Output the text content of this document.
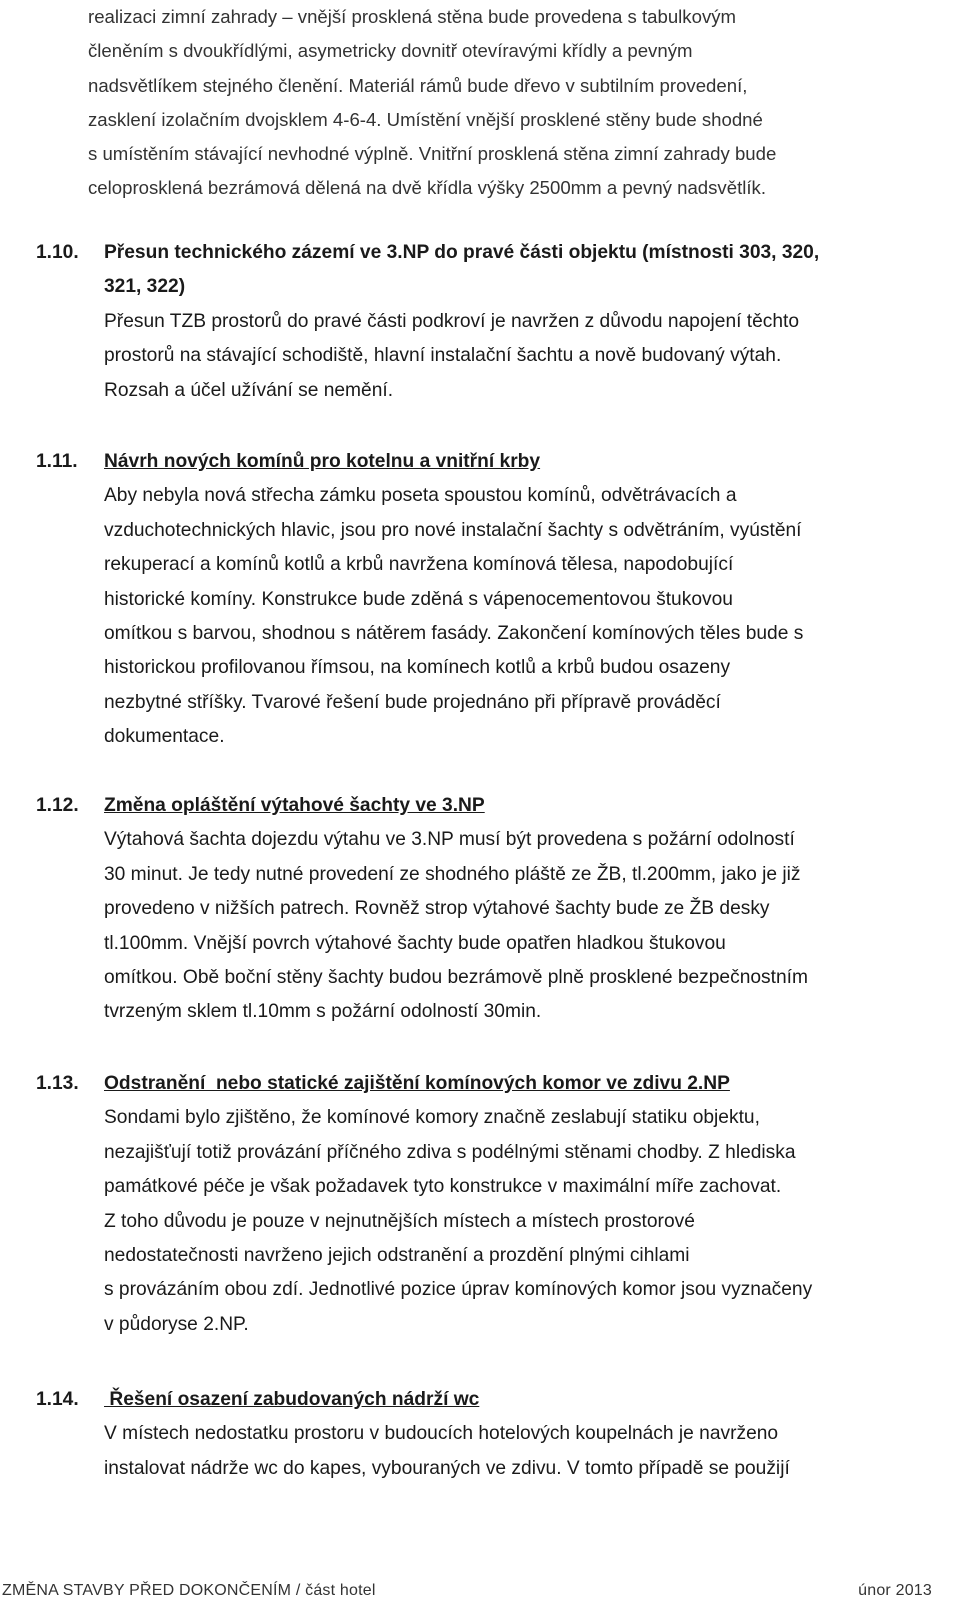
realizaci zimní zahrady – vnější prosklená stěna bude provedena s tabulkovým
členěním s dvoukřídlými, asymetricky dovnitř otevíravými křídly a pevným
nadsvětlíkem stejného členění. Materiál rámů bude dřevo v subtilním provedení,
zasklení izolačním dvojsklem 4-6-4. Umístění vnější prosklené stěny bude shodné
s umístěním stávající nevhodné výplně. Vnitřní prosklená stěna zimní zahrady bude
celoprosklená bezrámová dělená na dvě křídla výšky 2500mm a pevný nadsvětlík.
1.10. Přesun technického zázemí ve 3.NP do pravé části objektu (místnosti 303, 320,
321, 322)
Přesun TZB prostorů do pravé části podkroví je navržen z důvodu napojení těchto
prostorů na stávající schodiště, hlavní instalační šachtu a nově budovaný výtah.
Rozsah a účel užívání se nemění.
1.11. Návrh nových komínů pro kotelnu a vnitřní krby
Aby nebyla nová střecha zámku poseta spoustou komínů, odvětrávacích a
vzduchotechnických hlavic, jsou pro nové instalační šachty s odvětráním, vyústění
rekuperací a komínů kotlů a krbů navržena komínová tělesa, napodobující
historické komíny. Konstrukce bude zděná s vápenocementovou štukovou
omítkou s barvou, shodnou s nátěrem fasády. Zakončení komínových těles bude s
historickou profilovanou římsou, na komínech kotlů a krbů budou osazeny
nezbytné stříšky. Tvarové řešení bude projednáno při přípravě prováděcí
dokumentace.
1.12. Změna opláštění výtahové šachty ve 3.NP
Výtahová šachta dojezdu výtahu ve 3.NP musí být provedena s požární odolností
30 minut. Je tedy nutné provedení ze shodného pláště ze ŽB, tl.200mm, jako je již
provedeno v nižších patrech. Rovněž strop výtahové šachty bude ze ŽB desky
tl.100mm. Vnější povrch výtahové šachty bude opatřen hladkou štukovou
omítkou. Obě boční stěny šachty budou bezrámově plně prosklené bezpečnostním
tvrzeným sklem tl.10mm s požární odolností 30min.
1.13. Odstranění  nebo statické zajištění komínových komor ve zdivu 2.NP
Sondami bylo zjištěno, že komínové komory značně zeslabují statiku objektu,
nezajišťují totiž provázání příčného zdiva s podélnými stěnami chodby. Z hlediska
památkové péče je však požadavek tyto konstrukce v maximální míře zachovat.
Z toho důvodu je pouze v nejnutnějších místech a místech prostorové
nedostatečnosti navrženo jejich odstranění a prozdění plnými cihlami
s provázáním obou zdí. Jednotlivé pozice úprav komínových komor jsou vyznačeny
v půdoryse 2.NP.
1.14. Řešení osazení zabudovaných nádrží wc
V místech nedostatku prostoru v budoucích hotelových koupelnách je navrženo
instalovat nádrže wc do kapes, vybouraných ve zdivu. V tomto případě se použijí
ZMĚNA STAVBY PŘED DOKONČENÍM / část hotel	únor 2013
